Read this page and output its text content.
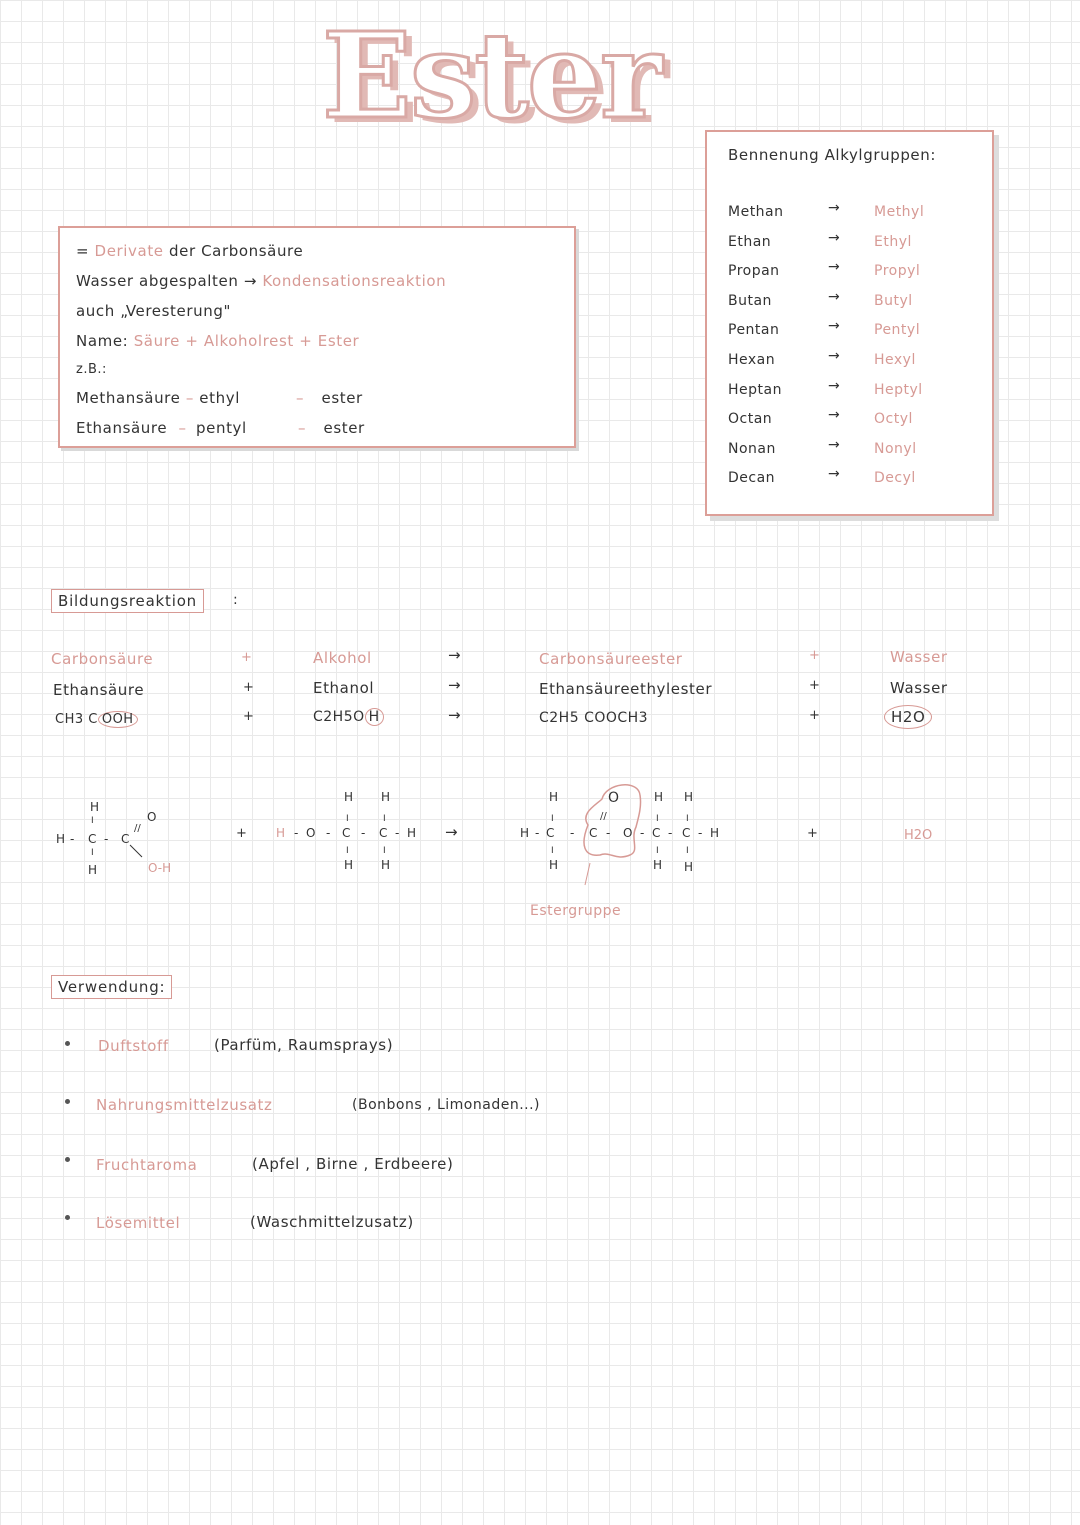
Ester
= Derivate der Carbonsäure
Wasser abgespalten → Kondensationsreaktion
auch „Veresterung"
Name: Säure + Alkoholrest + Ester
z.B.:
Methansäure – ethyl	– ester
Ethansäure – pentyl	– ester
Bennenung Alkylgruppen:
Methan	→ Methyl
Ethan	→ Ethyl
Propan	→ Propyl
Butan	→ Butyl
Pentan	→ Pentyl
Hexan	→ Hexyl
Heptan	→ Heptyl
Octan	→ Octyl
Nonan	→ Nonyl
Decan	→ Decyl
Bildungsreaktion	:
Carbonsäure	+	Alkohol	→	Carbonsäureester	+	Wasser
Ethansäure	+	Ethanol	→	Ethansäureethylester	+	Wasser
CH3 C OOH	+	C2H5O H	→	C2H5 COOCH3	+	H2O
H
I
H - C - C
//
O
I
H	O-H
+
H H
I	I
H - O - C - C - H
I	I
H H
→
H
I
H - C
I
H
-
O
//
C - O -
H H
I	I
C - C - H
I	I
H H
+	H2O
Estergruppe
Verwendung:
Duftstoff	(Parfüm, Raumsprays)
Nahrungsmittelzusatz	(Bonbons , Limonaden...)
Fruchtaroma	(Apfel , Birne , Erdbeere)
Lösemittel	(Waschmittelzusatz)
